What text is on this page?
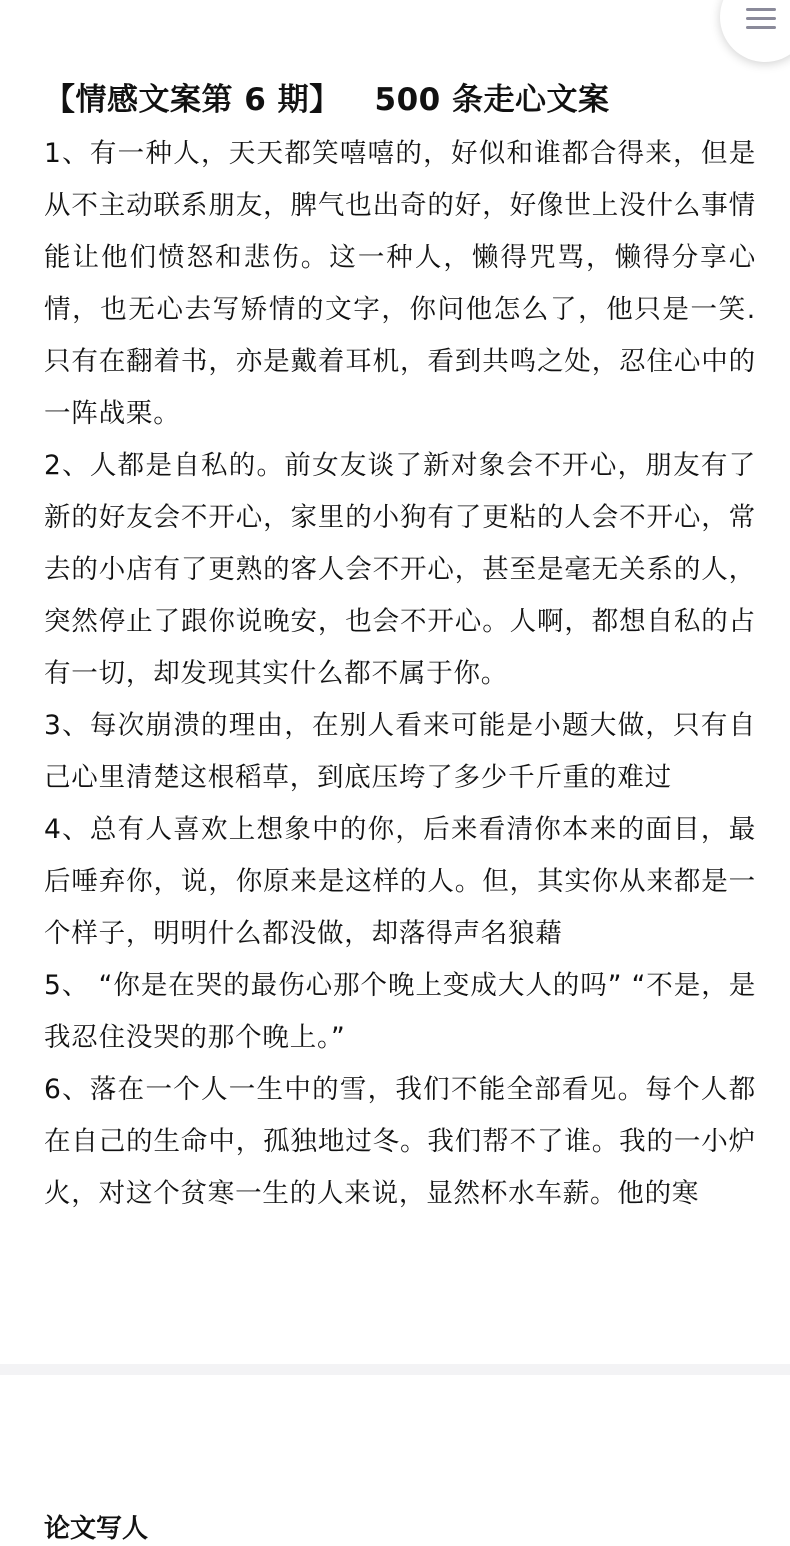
【情感文案第 6 期】   500 条走心文案

1、有一种人，天天都笑嘻嘻的，好似和谁都合得来，但是从不主动联系朋友，脾气也出奇的好，好像世上没什么事情能让他们愤怒和悲伤。这一种人，懒得咒骂，懒得分享心情，也无心去写矫情的文字，你问他怎么了，他只是一笑. 只有在翻着书，亦是戴着耳机，看到共鸣之处，忍住心中的一阵战栗。

2、人都是自私的。前女友谈了新对象会不开心，朋友有了新的好友会不开心，家里的小狗有了更粘的人会不开心，常去的小店有了更熟的客人会不开心，甚至是毫无关系的人，突然停止了跟你说晚安，也会不开心。人啊，都想自私的占有一切，却发现其实什么都不属于你。

3、每次崩溃的理由，在别人看来可能是小题大做，只有自己心里清楚这根稻草，到底压垮了多少千斤重的难过

4、总有人喜欢上想象中的你，后来看清你本来的面目，最后唾弃你，说，你原来是这样的人。但，其实你从来都是一个样子，明明什么都没做，却落得声名狼藉

5、 “你是在哭的最伤心那个晚上变成大人的吗” “不是，是我忍住没哭的那个晚上。”

6、落在一个人一生中的雪，我们不能全部看见。每个人都在自己的生命中，孤独地过冬。我们帮不了谁。我的一小炉火，对这个贫寒一生的人来说，显然杯水车薪。他的寒

论文写人
